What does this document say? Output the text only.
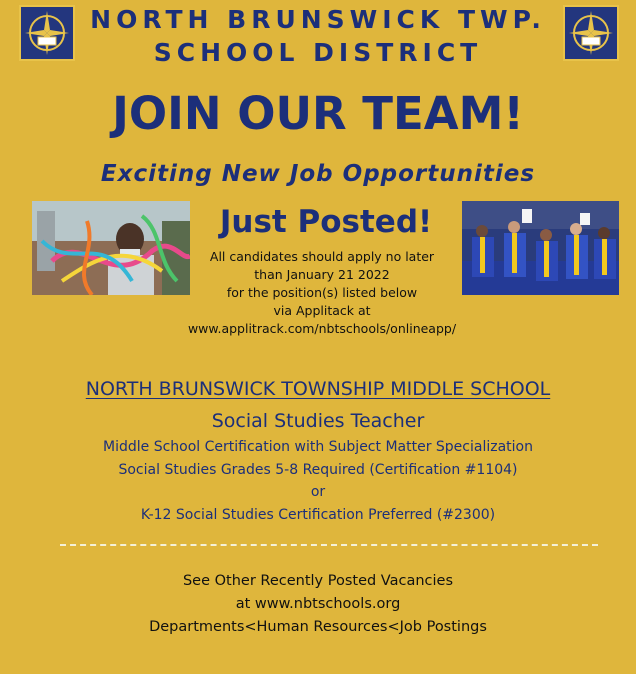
NORTH BRUNSWICK TWP.
SCHOOL DISTRICT
JOIN OUR TEAM!
Exciting New Job Opportunities
Just Posted!
All candidates should apply no later
than January 21 2022
for the position(s) listed below
via Applitack at
www.applitrack.com/nbtschools/onlineapp/
NORTH BRUNSWICK TOWNSHIP MIDDLE SCHOOL
Social Studies Teacher
Middle School Certification with Subject Matter Specialization
Social Studies Grades 5-8 Required (Certification #1104)
or
K-12 Social Studies Certification Preferred (#2300)
See Other Recently Posted Vacancies
at www.nbtschools.org
Departments<Human Resources<Job Postings
